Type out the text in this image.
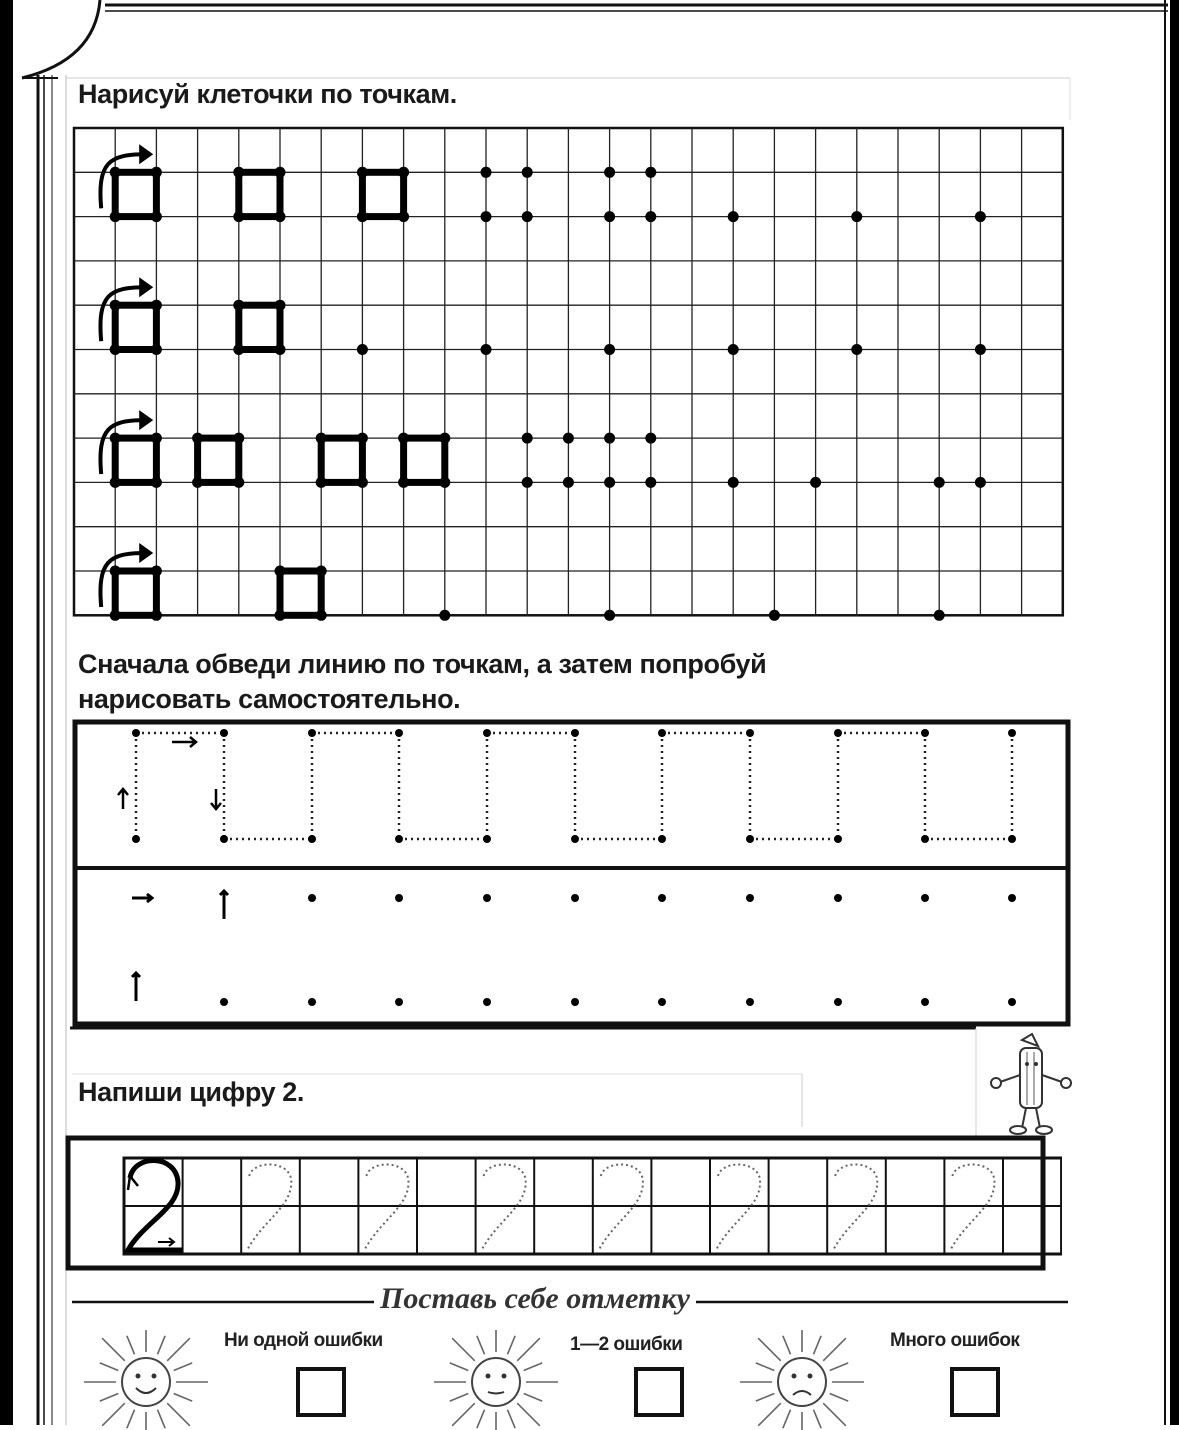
Нарисуй клеточки по точкам.

Сначала обведи линию по точкам, а затем попробуй

нарисовать самостоятельно.

Напиши цифру 2.

Поставь себе отметку
Ни одной ошибки	1—2 ошибки	Много ошибок
